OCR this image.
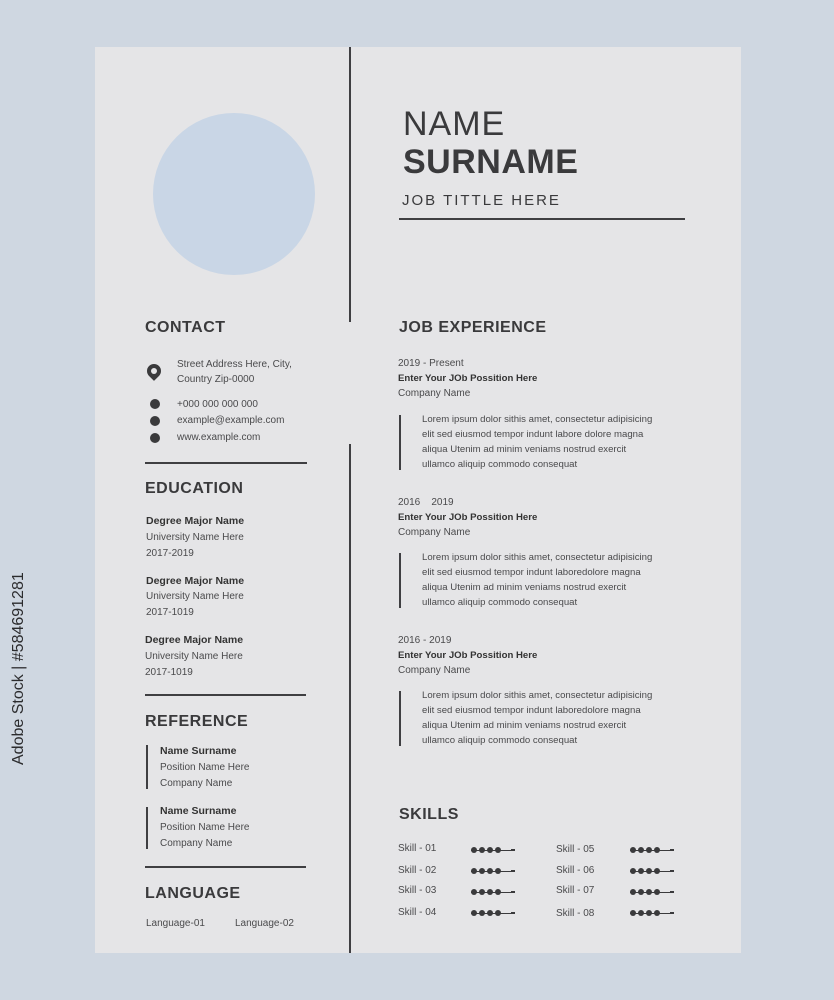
Adobe Stock | #584691281
NAME
SURNAME
JOB TITTLE HERE
CONTACT
Street Address Here, City,
Country Zip-0000
+000 000 000 000
example@example.com
www.example.com
EDUCATION
Degree Major Name
University Name Here
2017-2019
Degree Major Name
University Name Here
2017-1019
Degree Major Name
University Name Here
2017-1019
REFERENCE
Name Surname
Position Name Here
Company Name
Name Surname
Position Name Here
Company Name
LANGUAGE
Language-01	Language-02
JOB EXPERIENCE
2019 - Present
Enter Your JOb Possition Here
Company Name
Lorem ipsum dolor sithis amet, consectetur adipisicing
elit sed eiusmod tempor indunt labore dolore magna
aliqua Utenim ad minim veniams nostrud exercit
ullamco aliquip commodo consequat
2016    2019
Enter Your JOb Possition Here
Company Name
Lorem ipsum dolor sithis amet, consectetur adipisicing
elit sed eiusmod tempor indunt laboredolore magna
aliqua Utenim ad minim veniams nostrud exercit
ullamco aliquip commodo consequat
2016 - 2019
Enter Your JOb Possition Here
Company Name
Lorem ipsum dolor sithis amet, consectetur adipisicing
elit sed eiusmod tempor indunt laboredolore magna
aliqua Utenim ad minim veniams nostrud exercit
ullamco aliquip commodo consequat
SKILLS
Skill - 01
Skill - 02
Skill - 03
Skill - 04
Skill - 05
Skill - 06
Skill - 07
Skill - 08
